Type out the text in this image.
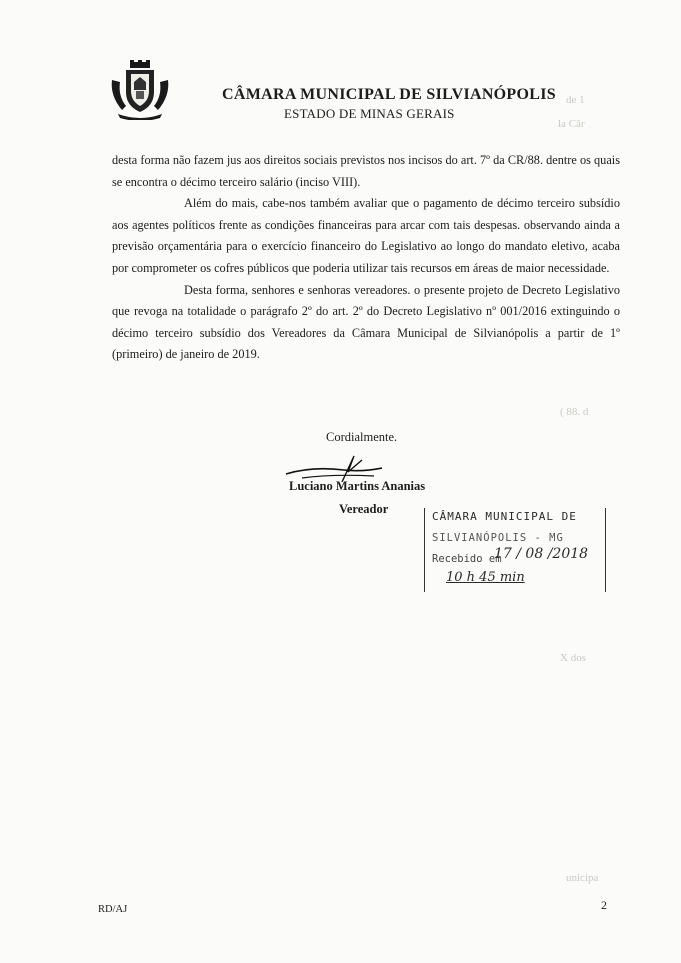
CÂMARA MUNICIPAL DE SILVIANÓPOLIS
ESTADO DE MINAS GERAIS
de 1
la Câr
( 88. d
X dos
unicipa

desta forma não fazem jus aos direitos sociais previstos nos incisos do art. 7º da CR/88. dentre os quais se encontra o décimo terceiro salário (inciso VIII).

Além do mais, cabe-nos também avaliar que o pagamento de décimo terceiro subsídio aos agentes políticos frente as condições financeiras para arcar com tais despesas. observando ainda a previsão orçamentária para o exercício financeiro do Legislativo ao longo do mandato eletivo, acaba por comprometer os cofres públicos que poderia utilizar tais recursos em áreas de maior necessidade.

Desta forma, senhores e senhoras vereadores. o presente projeto de Decreto Legislativo que revoga na totalidade o parágrafo 2º do art. 2º do Decreto Legislativo nº 001/2016 extinguindo o décimo terceiro subsídio dos Vereadores da Câmara Municipal de Silvianópolis a partir de 1º (primeiro) de janeiro de 2019.

Cordialmente.
Luciano Martins Ananias
Vereador
CÂMARA MUNICIPAL DE
SILVIANÓPOLIS - MG
Recebido em
17 / 08 /2018
10 h 45 min
RD/AJ	2
